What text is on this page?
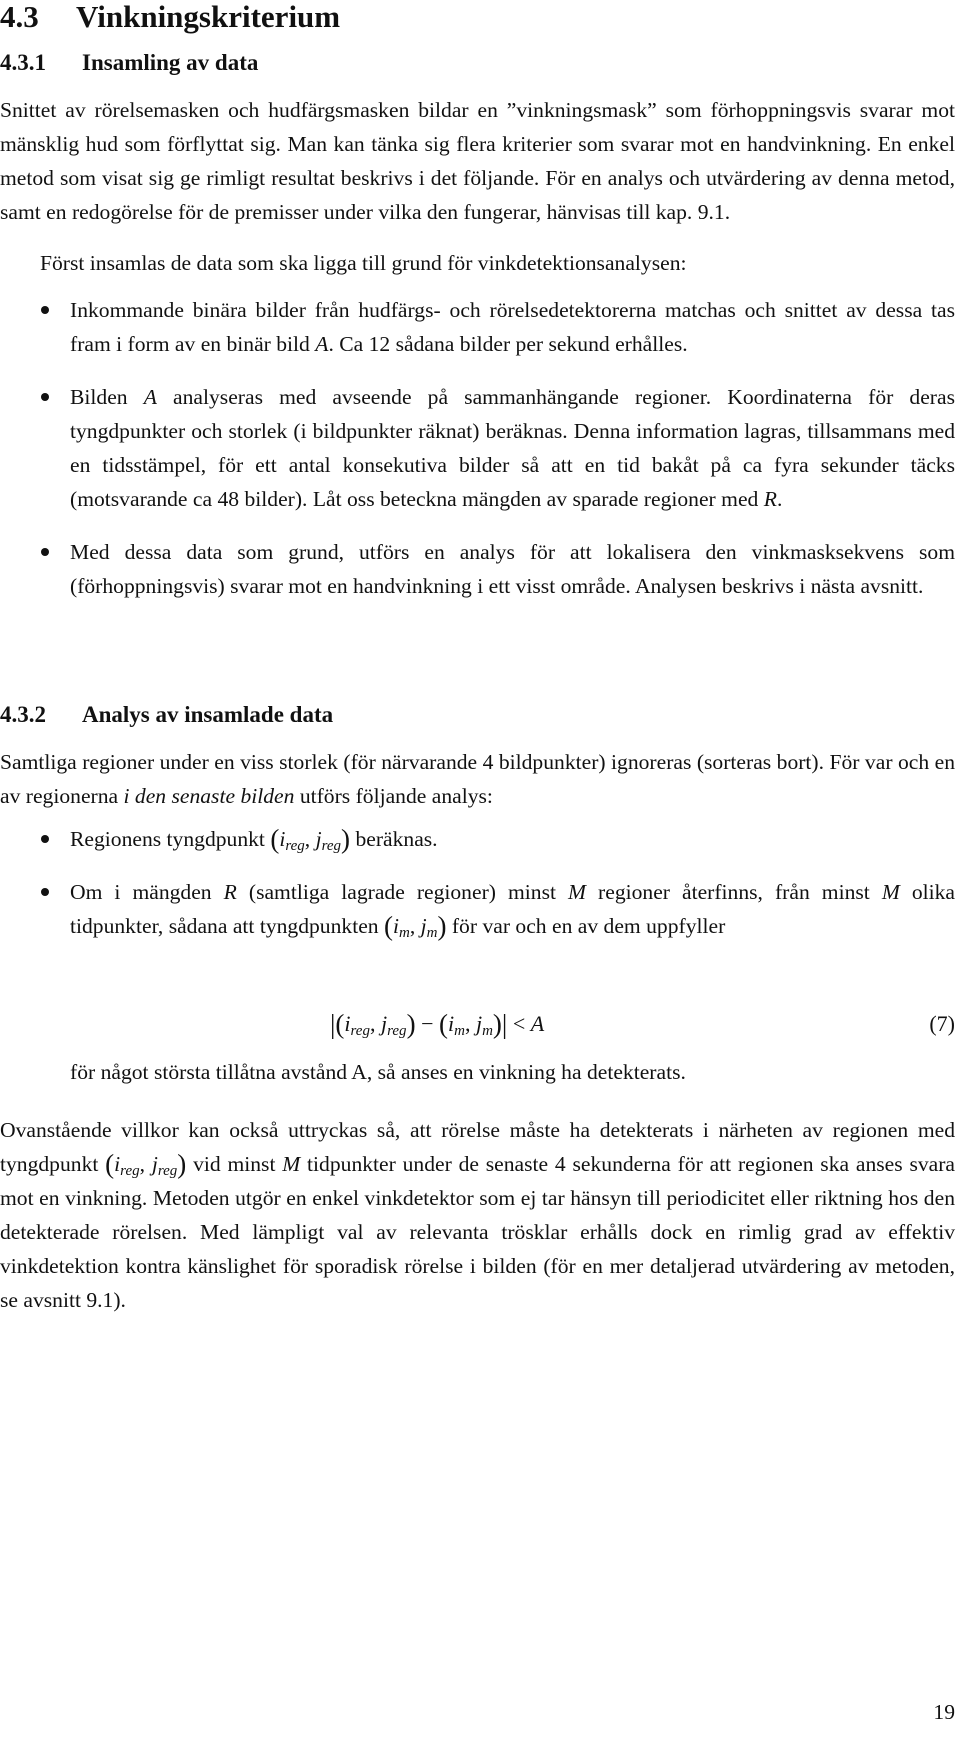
4.3 Vinkningskriterium
4.3.1 Insamling av data

Snittet av rörelsemasken och hudfärgsmasken bildar en ”vinkningsmask” som förhoppningsvis svarar mot mänsklig hud som förflyttat sig. Man kan tänka sig flera kriterier som svarar mot en handvinkning. En enkel metod som visat sig ge rimligt resultat beskrivs i det följande. För en analys och utvärdering av denna metod, samt en redogörelse för de premisser under vilka den fungerar, hänvisas till kap. 9.1.

Först insamlas de data som ska ligga till grund för vinkdetektionsanalysen:

Inkommande binära bilder från hudfärgs- och rörelsedetektorerna matchas och snittet av dessa tas fram i form av en binär bild A. Ca 12 sådana bilder per sekund erhålles.
Bilden A analyseras med avseende på sammanhängande regioner. Koordinaterna för deras tyngdpunkter och storlek (i bildpunkter räknat) beräknas. Denna information lagras, tillsammans med en tidsstämpel, för ett antal konsekutiva bilder så att en tid bakåt på ca fyra sekunder täcks (motsvarande ca 48 bilder). Låt oss beteckna mängden av sparade regioner med R.
Med dessa data som grund, utförs en analys för att lokalisera den vinkmasksekvens som (förhoppningsvis) svarar mot en handvinkning i ett visst område. Analysen beskrivs i nästa avsnitt.
4.3.2 Analys av insamlade data

Samtliga regioner under en viss storlek (för närvarande 4 bildpunkter) ignoreras (sorteras bort). För var och en av regionerna i den senaste bilden utförs följande analys:

Regionens tyngdpunkt ($i_{reg}$, $j_{reg}$) beräknas.
Om i mängden R (samtliga lagrade regioner) minst M regioner återfinns, från minst M olika tidpunkter, sådana att tyngdpunkten ($i_m$, $j_m$) för var och en av dem uppfyller
$|(i_{reg}$, $j_{reg}) - (i_m$, $j_m)| < A$	(7)

för något största tillåtna avstånd A, så anses en vinkning ha detekterats.

Ovanstående villkor kan också uttryckas så, att rörelse måste ha detekterats i närheten av regionen med tyngdpunkt ($i_{reg}$, $j_{reg}$) vid minst M tidpunkter under de senaste 4 sekunderna för att regionen ska anses svara mot en vinkning. Metoden utgör en enkel vinkdetektor som ej tar hänsyn till periodicitet eller riktning hos den detekterade rörelsen. Med lämpligt val av relevanta trösklar erhålls dock en rimlig grad av effektiv vinkdetektion kontra känslighet för sporadisk rörelse i bilden (för en mer detaljerad utvärdering av metoden, se avsnitt 9.1).

19
